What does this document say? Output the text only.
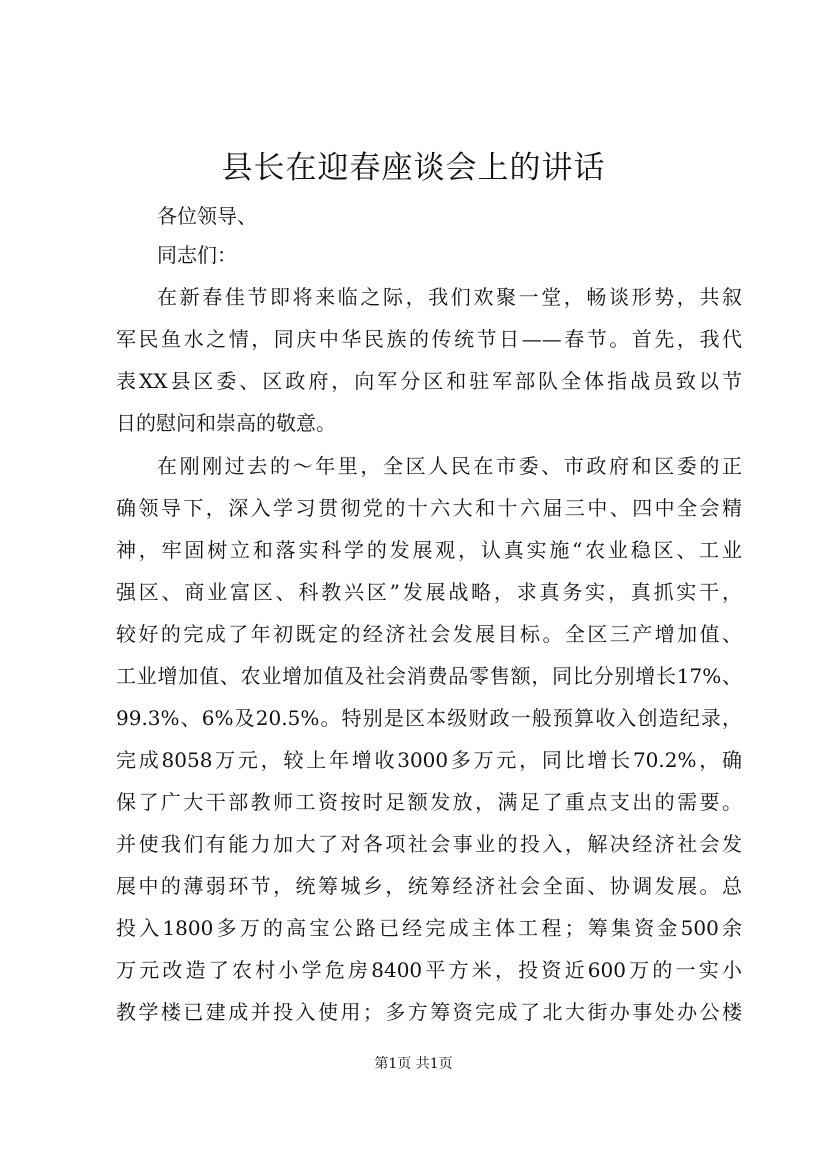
县长在迎春座谈会上的讲话
各位领导、
同志们：
在新春佳节即将来临之际，我们欢聚一堂，畅谈形势，共叙
军民鱼水之情，同庆中华民族的传统节日——春节。首先，我代
表XX县区委、区政府，向军分区和驻军部队全体指战员致以节
日的慰问和崇高的敬意。
在刚刚过去的～年里，全区人民在市委、市政府和区委的正
确领导下，深入学习贯彻党的十六大和十六届三中、四中全会精
神，牢固树立和落实科学的发展观，认真实施“农业稳区、工业
强区、商业富区、科教兴区”发展战略，求真务实，真抓实干，
较好的完成了年初既定的经济社会发展目标。全区三产增加值、
工业增加值、农业增加值及社会消费品零售额，同比分别增长17%、
99.3%、6%及20.5%。特别是区本级财政一般预算收入创造纪录，
完成8058万元，较上年增收3000多万元，同比增长70.2%，确
保了广大干部教师工资按时足额发放，满足了重点支出的需要。
并使我们有能力加大了对各项社会事业的投入，解决经济社会发
展中的薄弱环节，统筹城乡，统筹经济社会全面、协调发展。总
投入1800多万的高宝公路已经完成主体工程；筹集资金500余
万元改造了农村小学危房8400平方米，投资近600万的一实小
教学楼已建成并投入使用；多方筹资完成了北大街办事处办公楼
第1页 共1页
